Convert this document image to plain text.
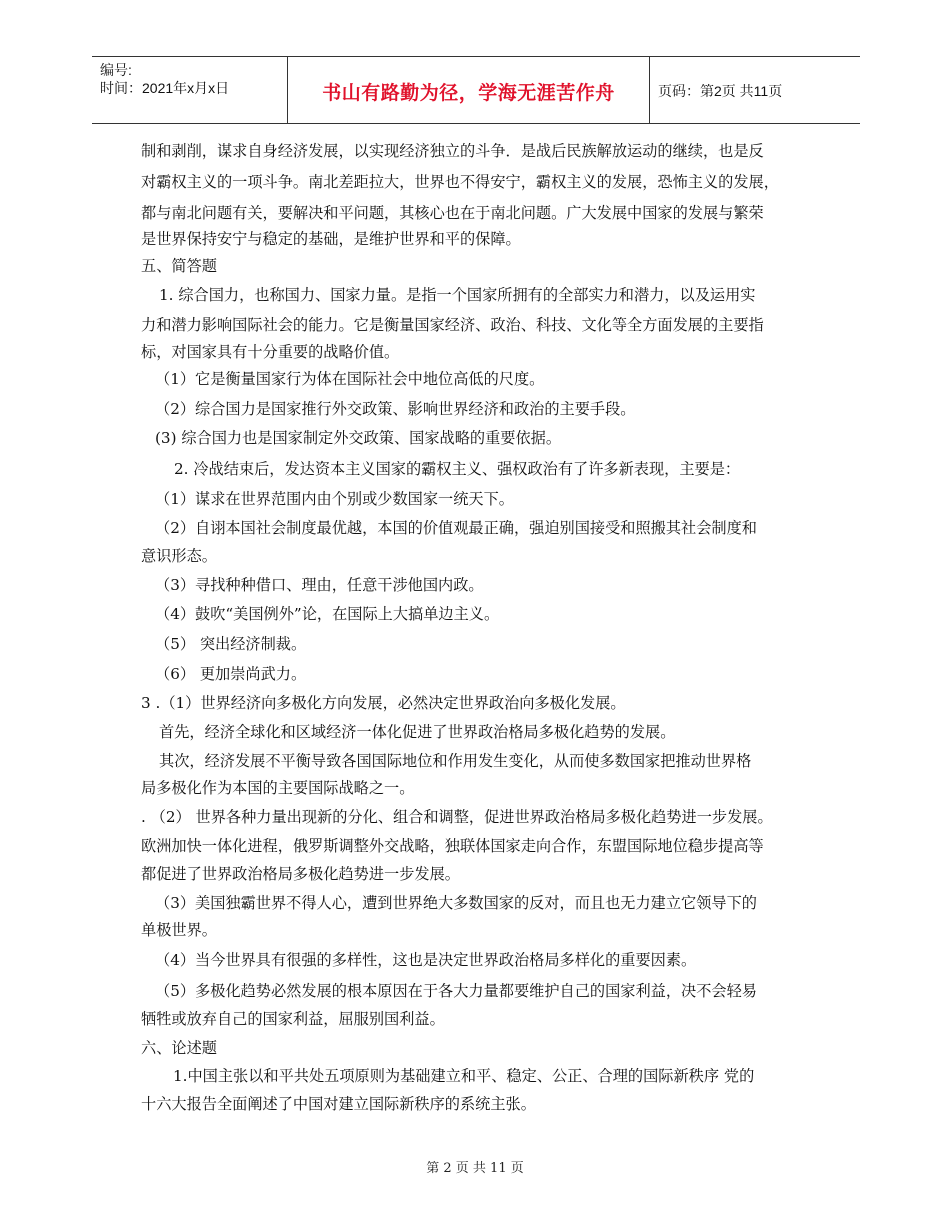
编号:
时间：2021年x月x日	书山有路勤为径，学海无涯苦作舟	页码：第2页 共11页
制和剥削，谋求自身经济发展，以实现经济独立的斗争．是战后民族解放运动的继续，也是反
对霸权主义的一项斗争。南北差距拉大，世界也不得安宁，霸权主义的发展，恐怖主义的发展，
都与南北问题有关，要解决和平问题，其核心也在于南北问题。广大发展中国家的发展与繁荣
是世界保持安宁与稳定的基础，是维护世界和平的保障。
五、简答题
1. 综合国力，也称国力、国家力量。是指一个国家所拥有的全部实力和潜力，以及运用实
力和潜力影响国际社会的能力。它是衡量国家经济、政治、科技、文化等全方面发展的主要指
标，对国家具有十分重要的战略价值。
（1）它是衡量国家行为体在国际社会中地位高低的尺度。
（2）综合国力是国家推行外交政策、影响世界经济和政治的主要手段。
(3) 综合国力也是国家制定外交政策、国家战略的重要依据。
2. 冷战结束后，发达资本主义国家的霸权主义、强权政治有了许多新表现，主要是：
（1）谋求在世界范围内由个别或少数国家一统天下。
（2）自诩本国社会制度最优越，本国的价值观最正确，强迫别国接受和照搬其社会制度和
意识形态。
（3）寻找种种借口、理由，任意干涉他国内政。
（4）鼓吹“美国例外”论，在国际上大搞单边主义。
（5） 突出经济制裁。
（6） 更加崇尚武力。
3 .（1）世界经济向多极化方向发展，必然决定世界政治向多极化发展。
首先，经济全球化和区域经济一体化促进了世界政治格局多极化趋势的发展。
其次，经济发展不平衡导致各国国际地位和作用发生变化，从而使多数国家把推动世界格
局多极化作为本国的主要国际战略之一。
. （2） 世界各种力量出现新的分化、组合和调整，促进世界政治格局多极化趋势进一步发展。
欧洲加快一体化进程，俄罗斯调整外交战略，独联体国家走向合作，东盟国际地位稳步提高等
都促进了世界政治格局多极化趋势进一步发展。
（3）美国独霸世界不得人心，遭到世界绝大多数国家的反对，而且也无力建立它领导下的
单极世界。
（4）当今世界具有很强的多样性，这也是决定世界政治格局多样化的重要因素。
（5）多极化趋势必然发展的根本原因在于各大力量都要维护自己的国家利益，决不会轻易
牺牲或放弃自己的国家利益，屈服别国利益。
六、论述题
1.中国主张以和平共处五项原则为基础建立和平、稳定、公正、合理的国际新秩序 党的
十六大报告全面阐述了中国对建立国际新秩序的系统主张。
第 2 页 共 11 页
